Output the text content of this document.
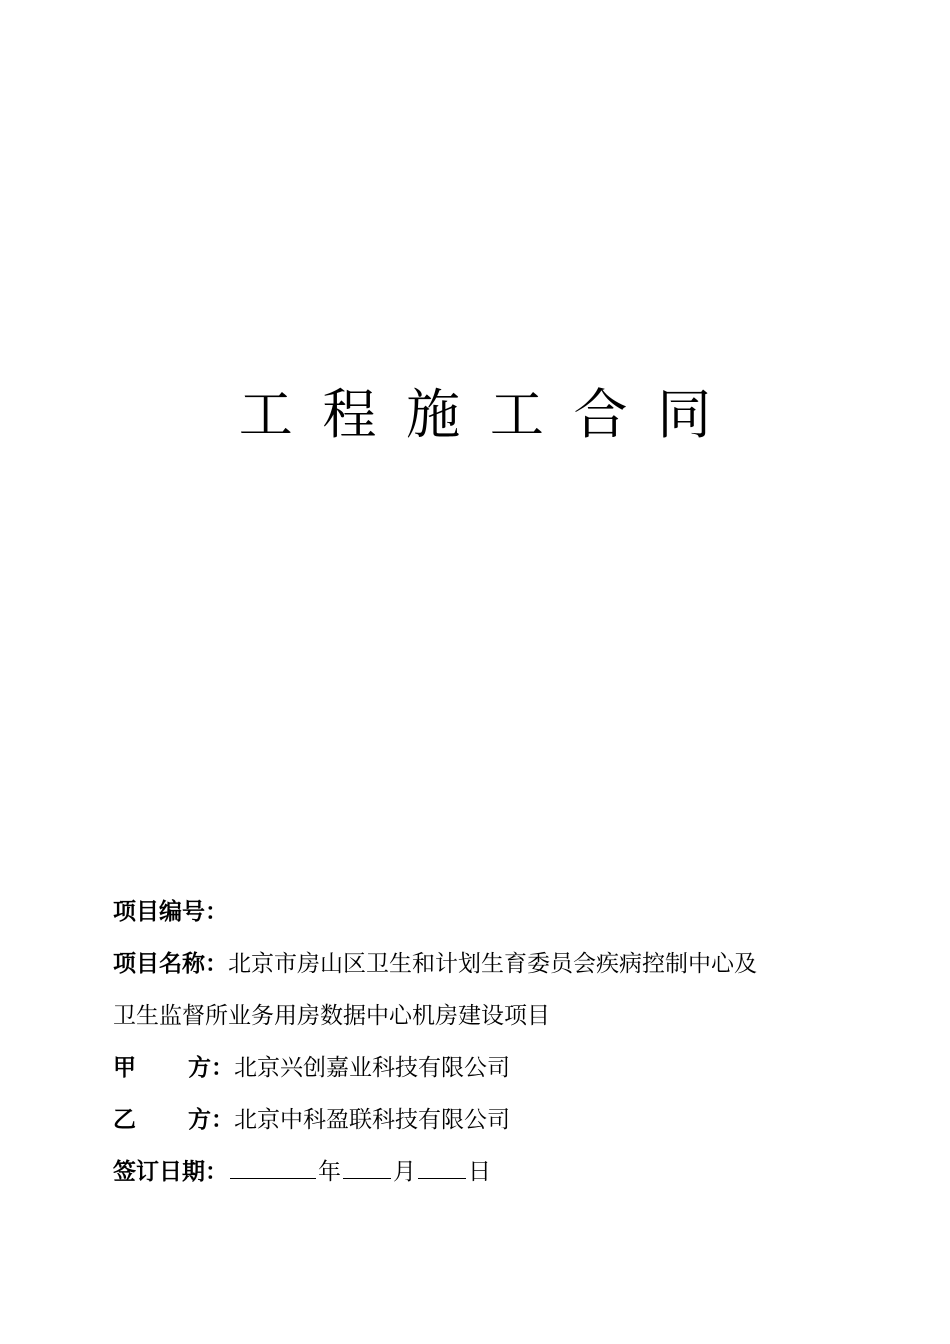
工程施工合同
项目编号：
项目名称：北京市房山区卫生和计划生育委员会疾病控制中心及
卫生监督所业务用房数据中心机房建设项目
甲 方：北京兴创嘉业科技有限公司
乙 方：北京中科盈联科技有限公司
签订日期：	年 月 日
